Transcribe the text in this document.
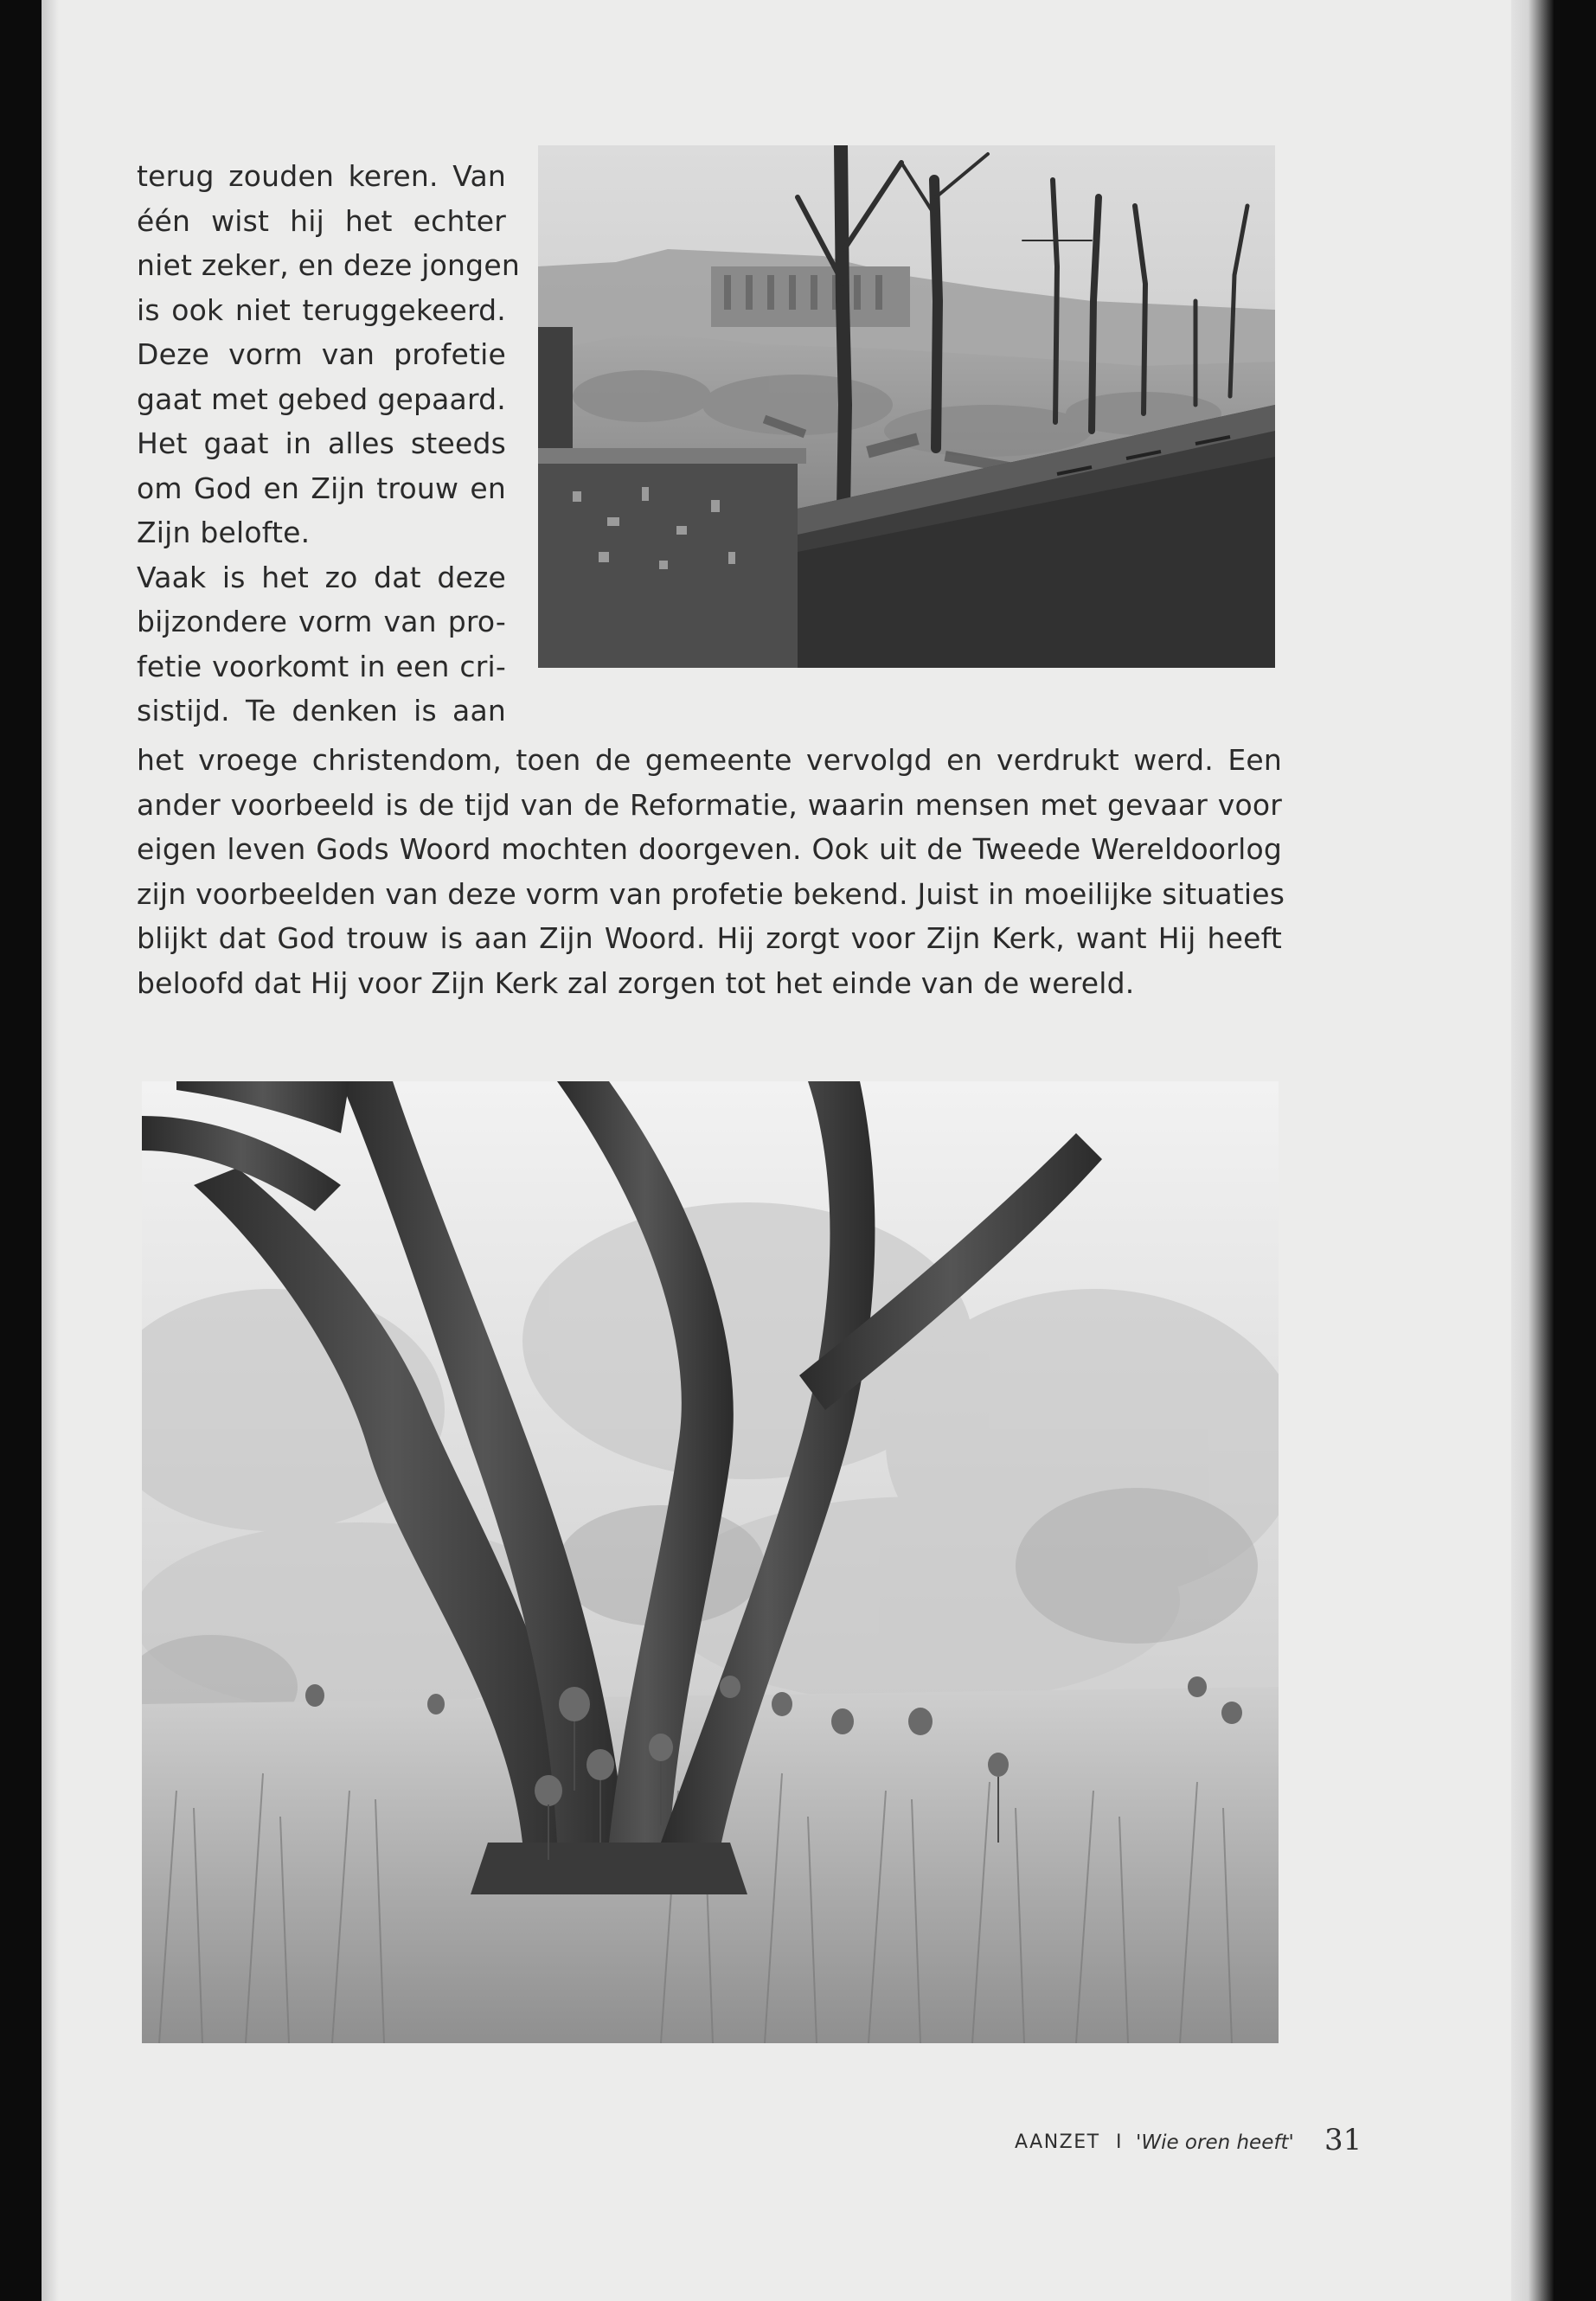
terug zouden keren. Van
één wist hij het echter
niet zeker, en deze jongen
is ook niet teruggekeerd.
Deze vorm van profetie
gaat met gebed gepaard.
Het gaat in alles steeds
om God en Zijn trouw en
Zijn belofte.
Vaak is het zo dat deze
bijzondere vorm van pro-
fetie voorkomt in een cri-
sistijd. Te denken is aan
het vroege christendom, toen de gemeente vervolgd en verdrukt werd. Een
ander voorbeeld is de tijd van de Reformatie, waarin mensen met gevaar voor
eigen leven Gods Woord mochten doorgeven. Ook uit de Tweede Wereldoorlog
zijn voorbeelden van deze vorm van profetie bekend. Juist in moeilijke situaties
blijkt dat God trouw is aan Zijn Woord. Hij zorgt voor Zijn Kerk, want Hij heeft
beloofd dat Hij voor Zijn Kerk zal zorgen tot het einde van de wereld.
AANZET I 'Wie oren heeft' 31
